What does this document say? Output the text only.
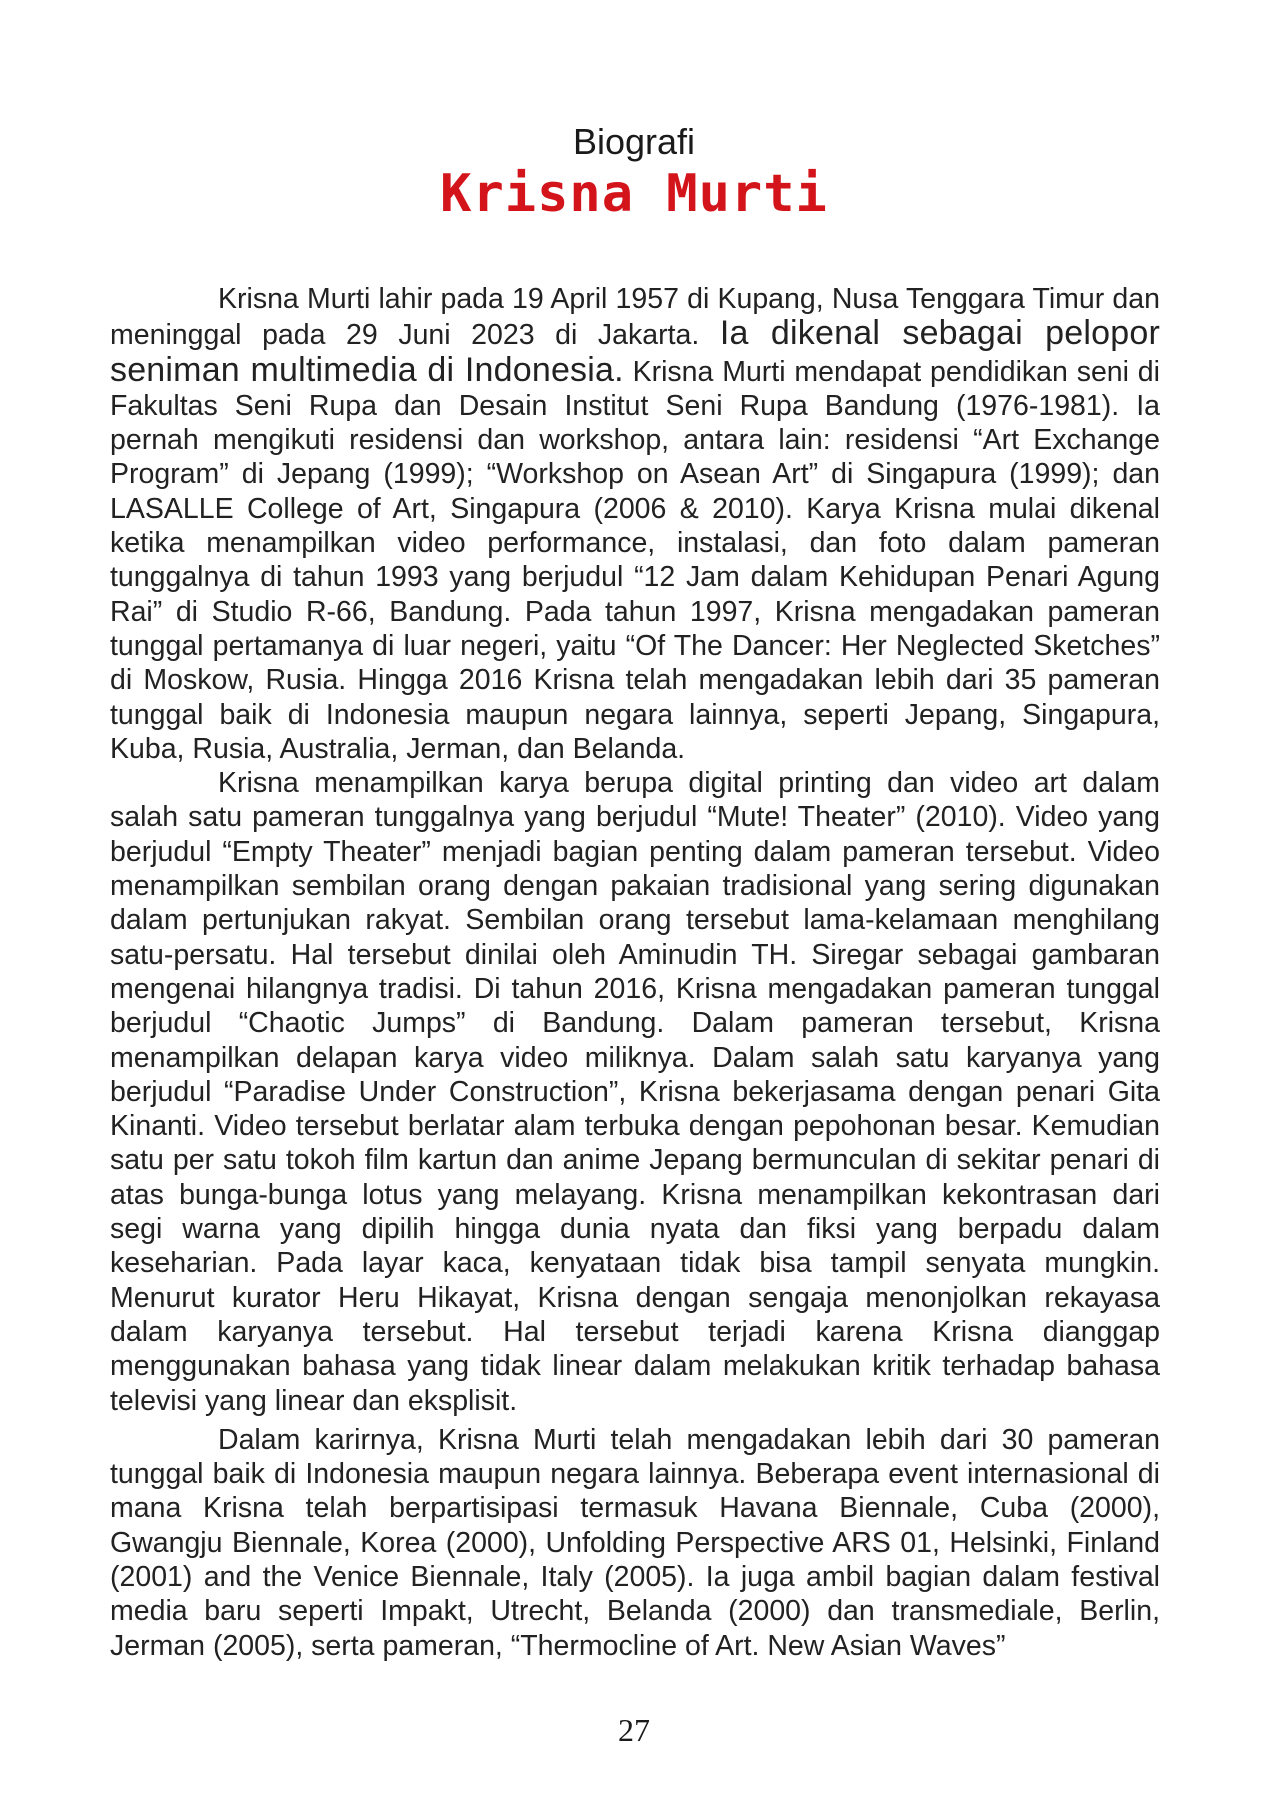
Biografi
Krisna Murti

Krisna Murti lahir pada 19 April 1957 di Kupang, Nusa Tenggara Timur dan meninggal pada 29 Juni 2023 di Jakarta. Ia dikenal sebagai pelopor seniman multimedia di Indonesia. Krisna Murti mendapat pendidikan seni di Fakultas Seni Rupa dan Desain Institut Seni Rupa Bandung (1976-1981). Ia pernah mengikuti residensi dan workshop, antara lain: residensi “Art Exchange Program” di Jepang (1999); “Workshop on Asean Art” di Singapura (1999); dan LASALLE College of Art, Singapura (2006 & 2010). Karya Krisna mulai dikenal ketika menampilkan video performance, instalasi, dan foto dalam pameran tunggalnya di tahun 1993 yang berjudul “12 Jam dalam Kehidupan Penari Agung Rai” di Studio R-66, Bandung. Pada tahun 1997, Krisna mengadakan pameran tunggal pertamanya di luar negeri, yaitu “Of The Dancer: Her Neglected Sketches” di Moskow, Rusia. Hingga 2016 Krisna telah mengadakan lebih dari 35 pameran tunggal baik di Indonesia maupun negara lainnya, seperti Jepang, Singapura, Kuba, Rusia, Australia, Jerman, dan Belanda.

Krisna menampilkan karya berupa digital printing dan video art dalam salah satu pameran tunggalnya yang berjudul “Mute! Theater” (2010). Video yang berjudul “Empty Theater” menjadi bagian penting dalam pameran tersebut. Video menampilkan sembilan orang dengan pakaian tradisional yang sering digunakan dalam pertunjukan rakyat. Sembilan orang tersebut lama-kelamaan menghilang satu-persatu. Hal tersebut dinilai oleh Aminudin TH. Siregar sebagai gambaran mengenai hilangnya tradisi. Di tahun 2016, Krisna mengadakan pameran tunggal berjudul “Chaotic Jumps” di Bandung. Dalam pameran tersebut, Krisna menampilkan delapan karya video miliknya. Dalam salah satu karyanya yang berjudul “Paradise Under Construction”, Krisna bekerjasama dengan penari Gita Kinanti. Video tersebut berlatar alam terbuka dengan pepohonan besar. Kemudian satu per satu tokoh film kartun dan anime Jepang bermunculan di sekitar penari di atas bunga-bunga lotus yang melayang. Krisna menampilkan kekontrasan dari segi warna yang dipilih hingga dunia nyata dan fiksi yang berpadu dalam keseharian. Pada layar kaca, kenyataan tidak bisa tampil senyata mungkin. Menurut kurator Heru Hikayat, Krisna dengan sengaja menonjolkan rekayasa dalam karyanya tersebut. Hal tersebut terjadi karena Krisna dianggap menggunakan bahasa yang tidak linear dalam melakukan kritik terhadap bahasa televisi yang linear dan eksplisit.

Dalam karirnya, Krisna Murti telah mengadakan lebih dari 30 pameran tunggal baik di Indonesia maupun negara lainnya. Beberapa event internasional di mana Krisna telah berpartisipasi termasuk Havana Biennale, Cuba (2000), Gwangju Biennale, Korea (2000), Unfolding Perspective ARS 01, Helsinki, Finland (2001) and the Venice Biennale, Italy (2005). Ia juga ambil bagian dalam festival media baru seperti Impakt, Utrecht, Belanda (2000) dan transmediale, Berlin, Jerman (2005), serta pameran, “Thermocline of Art. New Asian Waves”

27
